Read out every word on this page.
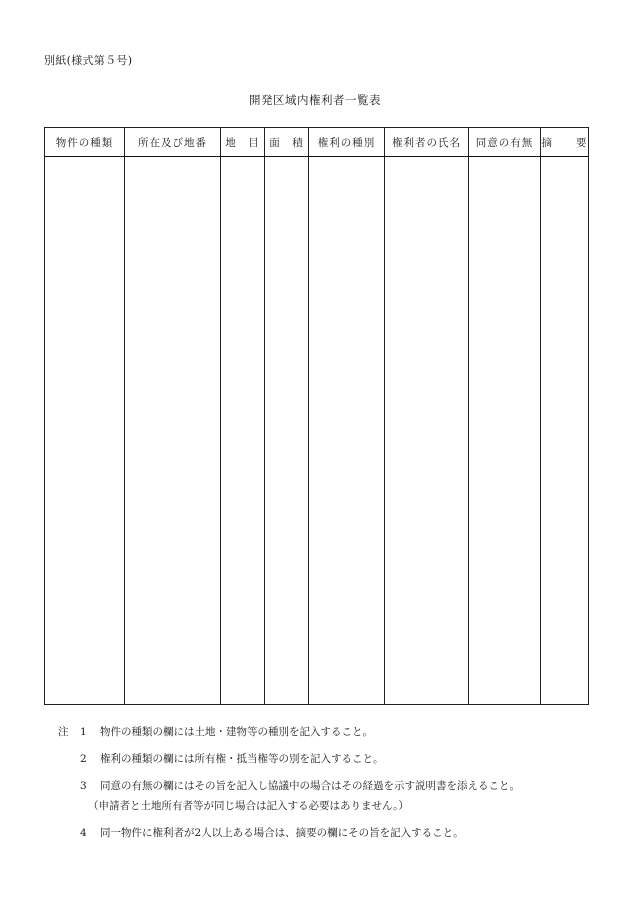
別紙(様式第５号)
開発区域内権利者一覧表
物件の種類	所在及び地番	地　目	面　積	権利の種別	権利者の氏名	同意の有無	摘　　要

注	1	物件の種類の欄には土地・建物等の種別を記入すること。
2	権利の種類の欄には所有権・抵当権等の別を記入すること。
3	同意の有無の欄にはその旨を記入し協議中の場合はその経過を示す説明書を添えること。
（申請者と土地所有者等が同じ場合は記入する必要はありません。）
4	同一物件に権利者が2人以上ある場合は、摘要の欄にその旨を記入すること。
